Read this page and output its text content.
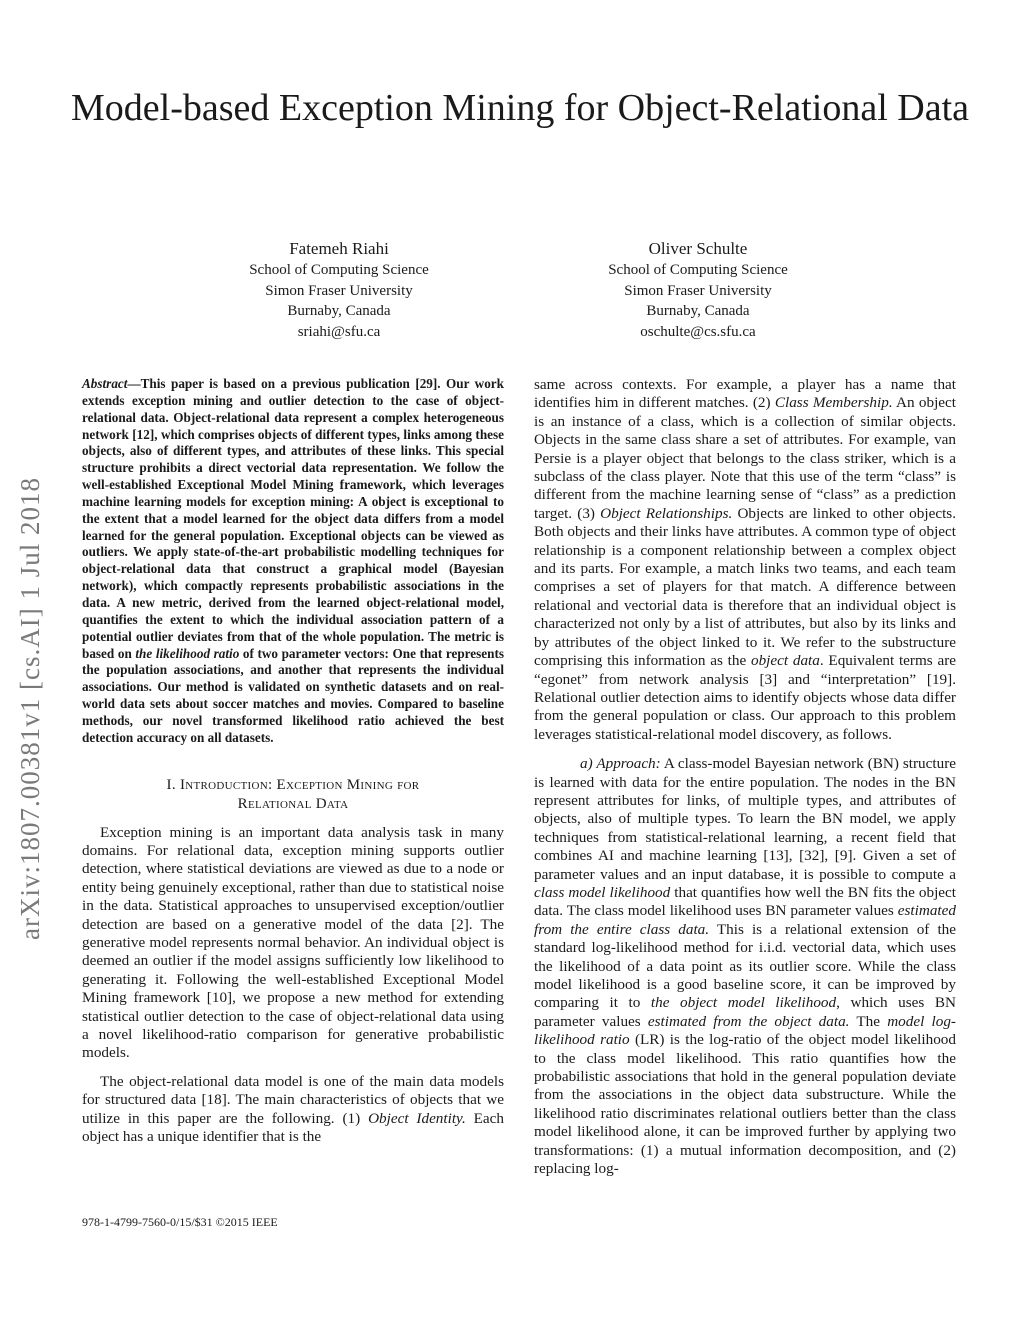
Model-based Exception Mining for Object-Relational Data
Fatemeh Riahi
School of Computing Science
Simon Fraser University
Burnaby, Canada
sriahi@sfu.ca
Oliver Schulte
School of Computing Science
Simon Fraser University
Burnaby, Canada
oschulte@cs.sfu.ca
arXiv:1807.00381v1 [cs.AI] 1 Jul 2018

Abstract—This paper is based on a previous publication [29]. Our work extends exception mining and outlier detection to the case of object-relational data. Object-relational data represent a complex heterogeneous network [12], which comprises objects of different types, links among these objects, also of different types, and attributes of these links. This special structure prohibits a direct vectorial data representation. We follow the well-established Exceptional Model Mining framework, which leverages machine learning models for exception mining: A object is exceptional to the extent that a model learned for the object data differs from a model learned for the general population. Exceptional objects can be viewed as outliers. We apply state-of-the-art probabilistic modelling techniques for object-relational data that construct a graphical model (Bayesian network), which compactly represents probabilistic associations in the data. A new metric, derived from the learned object-relational model, quantifies the extent to which the individual association pattern of a potential outlier deviates from that of the whole population. The metric is based on the likelihood ratio of two parameter vectors: One that represents the population associations, and another that represents the individual associations. Our method is validated on synthetic datasets and on real-world data sets about soccer matches and movies. Compared to baseline methods, our novel transformed likelihood ratio achieved the best detection accuracy on all datasets.

I. Introduction: Exception Mining for
Relational Data

Exception mining is an important data analysis task in many domains. For relational data, exception mining supports outlier detection, where statistical deviations are viewed as due to a node or entity being genuinely exceptional, rather than due to statistical noise in the data. Statistical approaches to unsupervised exception/outlier detection are based on a generative model of the data [2]. The generative model represents normal behavior. An individual object is deemed an outlier if the model assigns sufficiently low likelihood to generating it. Following the well-established Exceptional Model Mining framework [10], we propose a new method for extending statistical outlier detection to the case of object-relational data using a novel likelihood-ratio comparison for generative probabilistic models.

The object-relational data model is one of the main data models for structured data [18]. The main characteristics of objects that we utilize in this paper are the following. (1) Object Identity. Each object has a unique identifier that is the

978-1-4799-7560-0/15/$31 ©2015 IEEE

same across contexts. For example, a player has a name that identifies him in different matches. (2) Class Membership. An object is an instance of a class, which is a collection of similar objects. Objects in the same class share a set of attributes. For example, van Persie is a player object that belongs to the class striker, which is a subclass of the class player. Note that this use of the term “class” is different from the machine learning sense of “class” as a prediction target. (3) Object Relationships. Objects are linked to other objects. Both objects and their links have attributes. A common type of object relationship is a component relationship between a complex object and its parts. For example, a match links two teams, and each team comprises a set of players for that match. A difference between relational and vectorial data is therefore that an individual object is characterized not only by a list of attributes, but also by its links and by attributes of the object linked to it. We refer to the substructure comprising this information as the object data. Equivalent terms are “egonet” from network analysis [3] and “interpretation” [19]. Relational outlier detection aims to identify objects whose data differ from the general population or class. Our approach to this problem leverages statistical-relational model discovery, as follows.

a) Approach: A class-model Bayesian network (BN) structure is learned with data for the entire population. The nodes in the BN represent attributes for links, of multiple types, and attributes of objects, also of multiple types. To learn the BN model, we apply techniques from statistical-relational learning, a recent field that combines AI and machine learning [13], [32], [9]. Given a set of parameter values and an input database, it is possible to compute a class model likelihood that quantifies how well the BN fits the object data. The class model likelihood uses BN parameter values estimated from the entire class data. This is a relational extension of the standard log-likelihood method for i.i.d. vectorial data, which uses the likelihood of a data point as its outlier score. While the class model likelihood is a good baseline score, it can be improved by comparing it to the object model likelihood, which uses BN parameter values estimated from the object data. The model log-likelihood ratio (LR) is the log-ratio of the object model likelihood to the class model likelihood. This ratio quantifies how the probabilistic associations that hold in the general population deviate from the associations in the object data substructure. While the likelihood ratio discriminates relational outliers better than the class model likelihood alone, it can be improved further by applying two transformations: (1) a mutual information decomposition, and (2) replacing log-
